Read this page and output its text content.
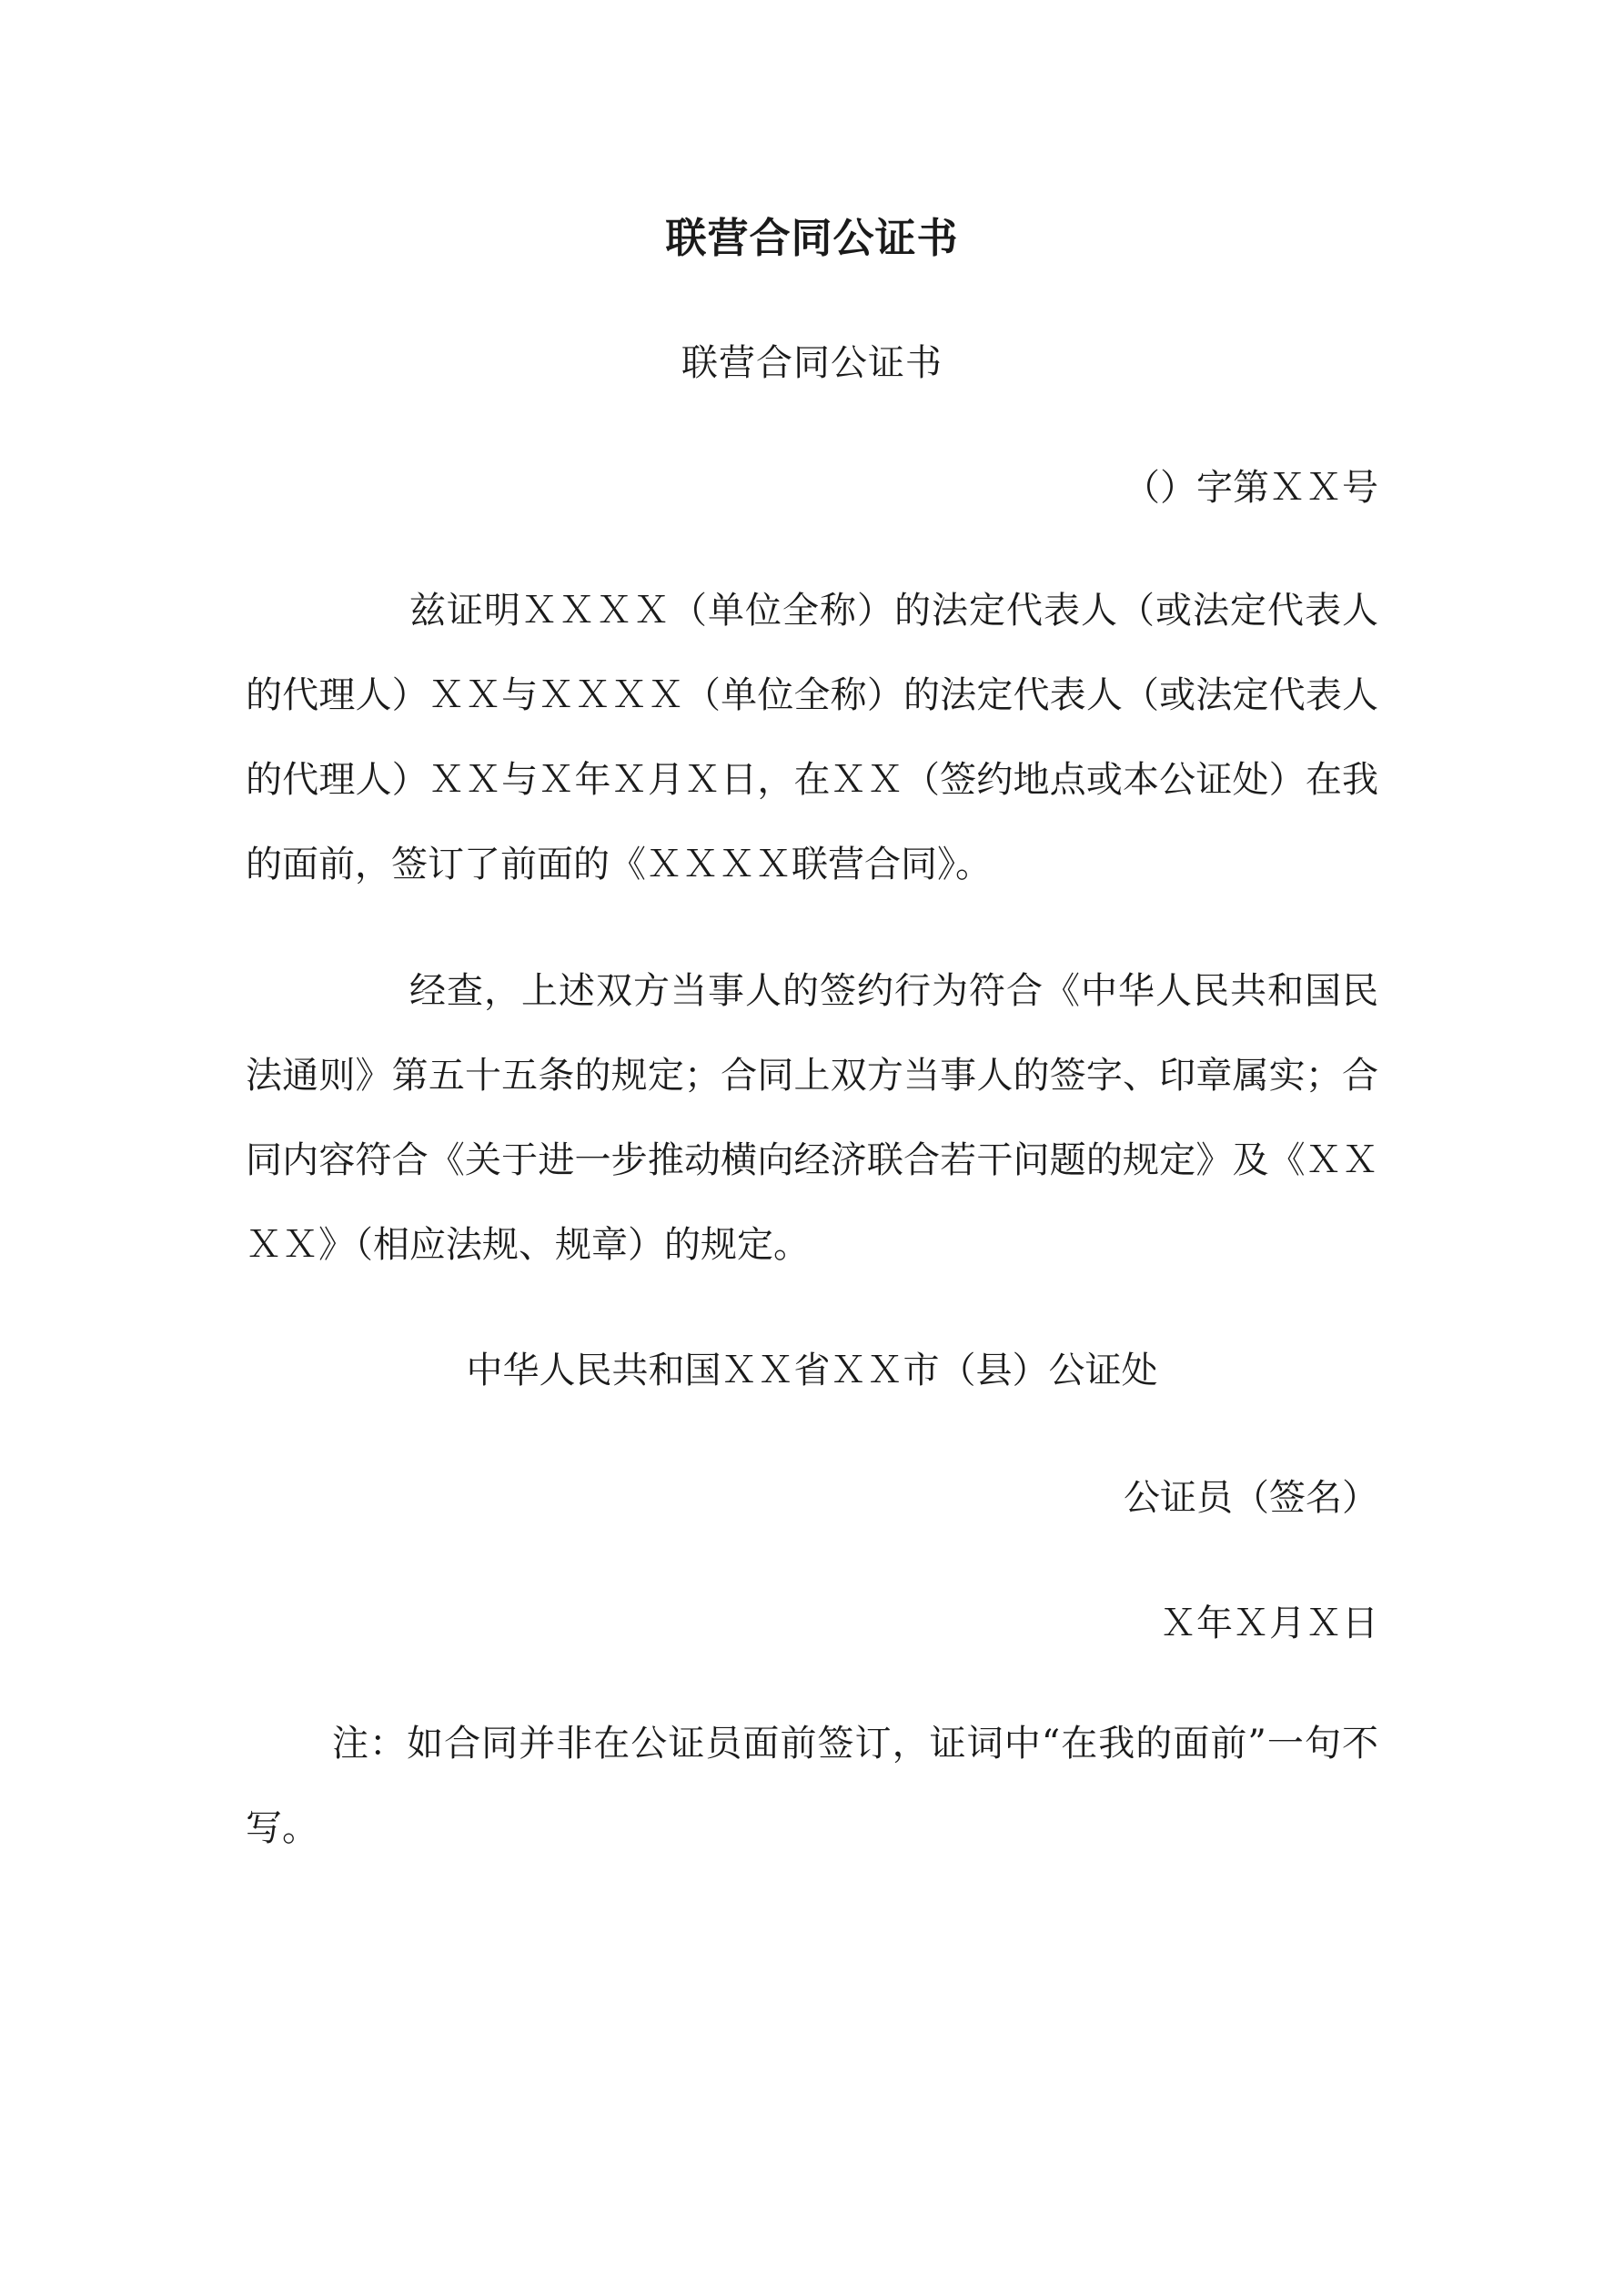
联营合同公证书
联营合同公证书
（）字第ＸＸ号

兹证明ＸＸＸＸ（单位全称）的法定代表人（或法定代表人的代理人）ＸＸ与ＸＸＸＸ（单位全称）的法定代表人（或法定代表人的代理人）ＸＸ与Ｘ年Ｘ月Ｘ日，在ＸＸ（签约地点或本公证处）在我的面前，签订了前面的《ＸＸＸＸ联营合同》。

经查，上述双方当事人的签约行为符合《中华人民共和国民法通则》第五十五条的规定；合同上双方当事人的签字、印章属实；合同内容符合《关于进一步推动横向经济联合若干问题的规定》及《ＸＸＸＸ》（相应法规、规章）的规定。

中华人民共和国ＸＸ省ＸＸ市（县）公证处
公证员（签名）
Ｘ年Ｘ月Ｘ日

注：如合同并非在公证员面前签订，证词中“在我的面前”一句不写。
